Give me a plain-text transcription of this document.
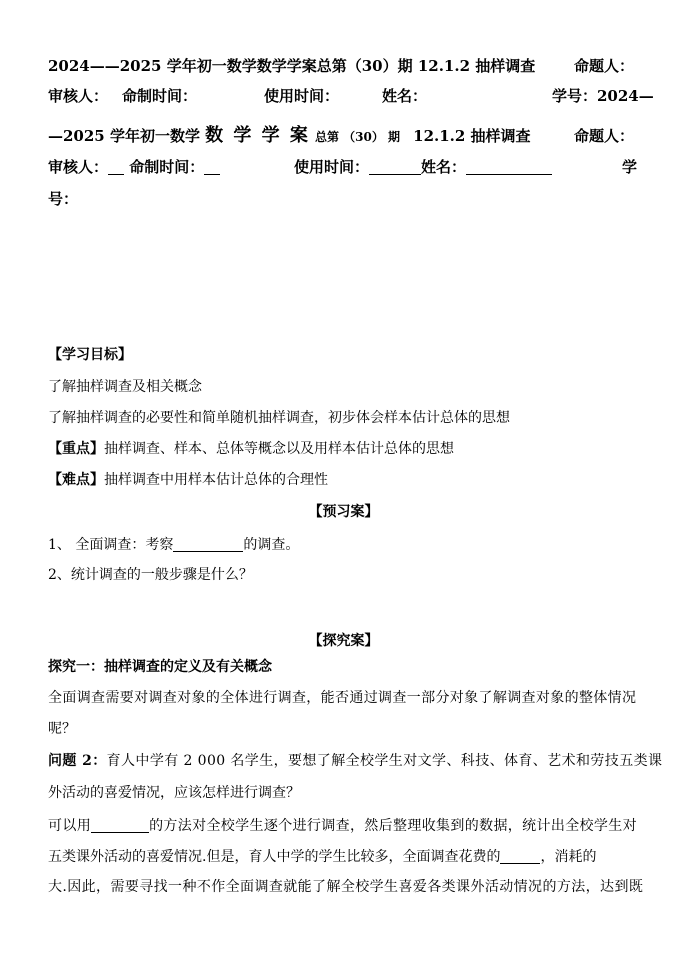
2024——2025 学年初一数学数学学案总第（30）期 12.1.2 抽样调查	命题人：
审核人： 命制时间：	使用时间：	姓名：	学号：2024—
—2025 学年初一数学 数 学 学 案 总第 （30） 期 12.1.2 抽样调查	命题人：
审核人： 命制时间：	使用时间：	姓名：	学
号：
【学习目标】
了解抽样调查及相关概念
了解抽样调查的必要性和简单随机抽样调查，初步体会样本估计总体的思想
【重点】抽样调查、样本、总体等概念以及用样本估计总体的思想
【难点】抽样调查中用样本估计总体的合理性
【预习案】
1、 全面调查：考察	的调查。
2、统计调查的一般步骤是什么？
【探究案】
探究一：抽样调查的定义及有关概念
全面调查需要对调查对象的全体进行调查，能否通过调查一部分对象了解调查对象的整体情况
呢？
问题 2：育人中学有 2 000 名学生，要想了解全校学生对文学、科技、体育、艺术和劳技五类课
外活动的喜爱情况，应该怎样进行调查？
可以用	的方法对全校学生逐个进行调查，然后整理收集到的数据，统计出全校学生对
五类课外活动的喜爱情况.但是，育人中学的学生比较多，全面调查花费的	，消耗的
大.因此，需要寻找一种不作全面调查就能了解全校学生喜爱各类课外活动情况的方法，达到既
